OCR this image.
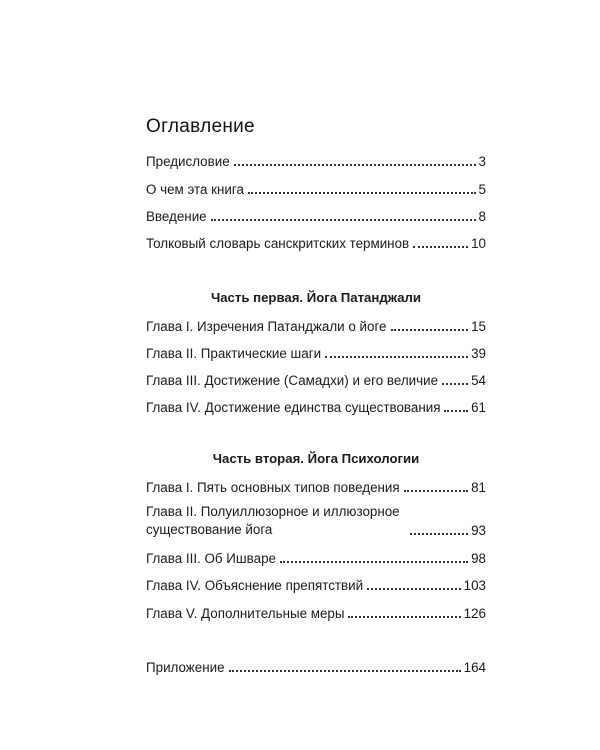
Оглавление
Предисловие	3
О чем эта книга	5
Введение	8
Толковый словарь санскритских терминов	10
Часть первая. Йога Патанджали
Глава I. Изречения Патанджали о йоге	15
Глава II. Практические шаги	39
Глава III. Достижение (Самадхи) и его величие 54
Глава IV. Достижение единства существования 61
Часть вторая. Йога Психологии
Глава I. Пять основных типов поведения	81
Глава II. Полуиллюзорное и иллюзорное существование йога	93
Глава III. Об Ишваре	98
Глава IV. Объяснение препятствий	103
Глава V. Дополнительные меры	126
Приложение	164
